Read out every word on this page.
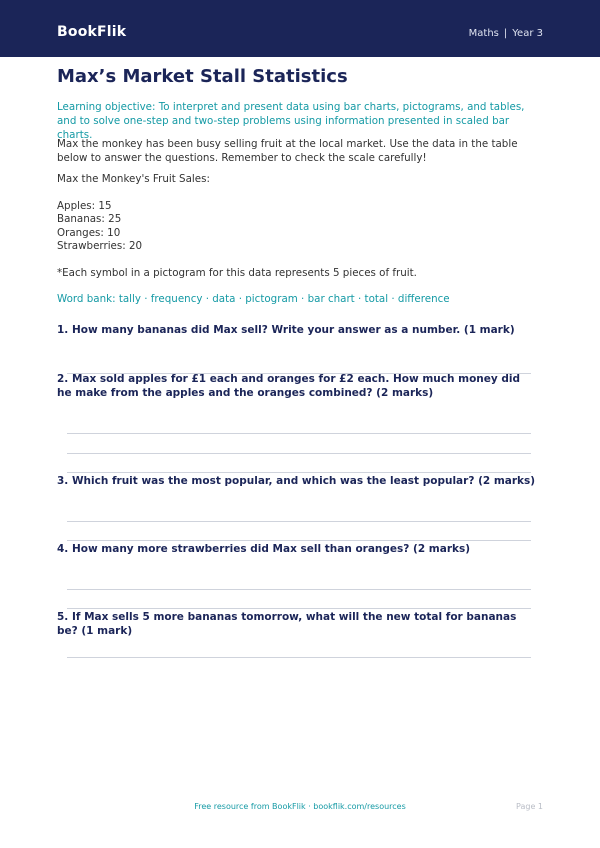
BookFlik	Maths | Year 3
Max’s Market Stall Statistics
Learning objective: To interpret and present data using bar charts, pictograms, and tables, and to solve one-step and two-step problems using information presented in scaled bar charts.
Max the monkey has been busy selling fruit at the local market. Use the data in the table below to answer the questions. Remember to check the scale carefully!
Max the Monkey's Fruit Sales:
Apples: 15
Bananas: 25
Oranges: 10
Strawberries: 20
*Each symbol in a pictogram for this data represents 5 pieces of fruit.
Word bank: tally · frequency · data · pictogram · bar chart · total · difference
1. How many bananas did Max sell? Write your answer as a number. (1 mark)
2. Max sold apples for £1 each and oranges for £2 each. How much money did he make from the apples and the oranges combined? (2 marks)
3. Which fruit was the most popular, and which was the least popular? (2 marks)
4. How many more strawberries did Max sell than oranges? (2 marks)
5. If Max sells 5 more bananas tomorrow, what will the new total for bananas be? (1 mark)
Free resource from BookFlik · bookflik.com/resources	Page 1
